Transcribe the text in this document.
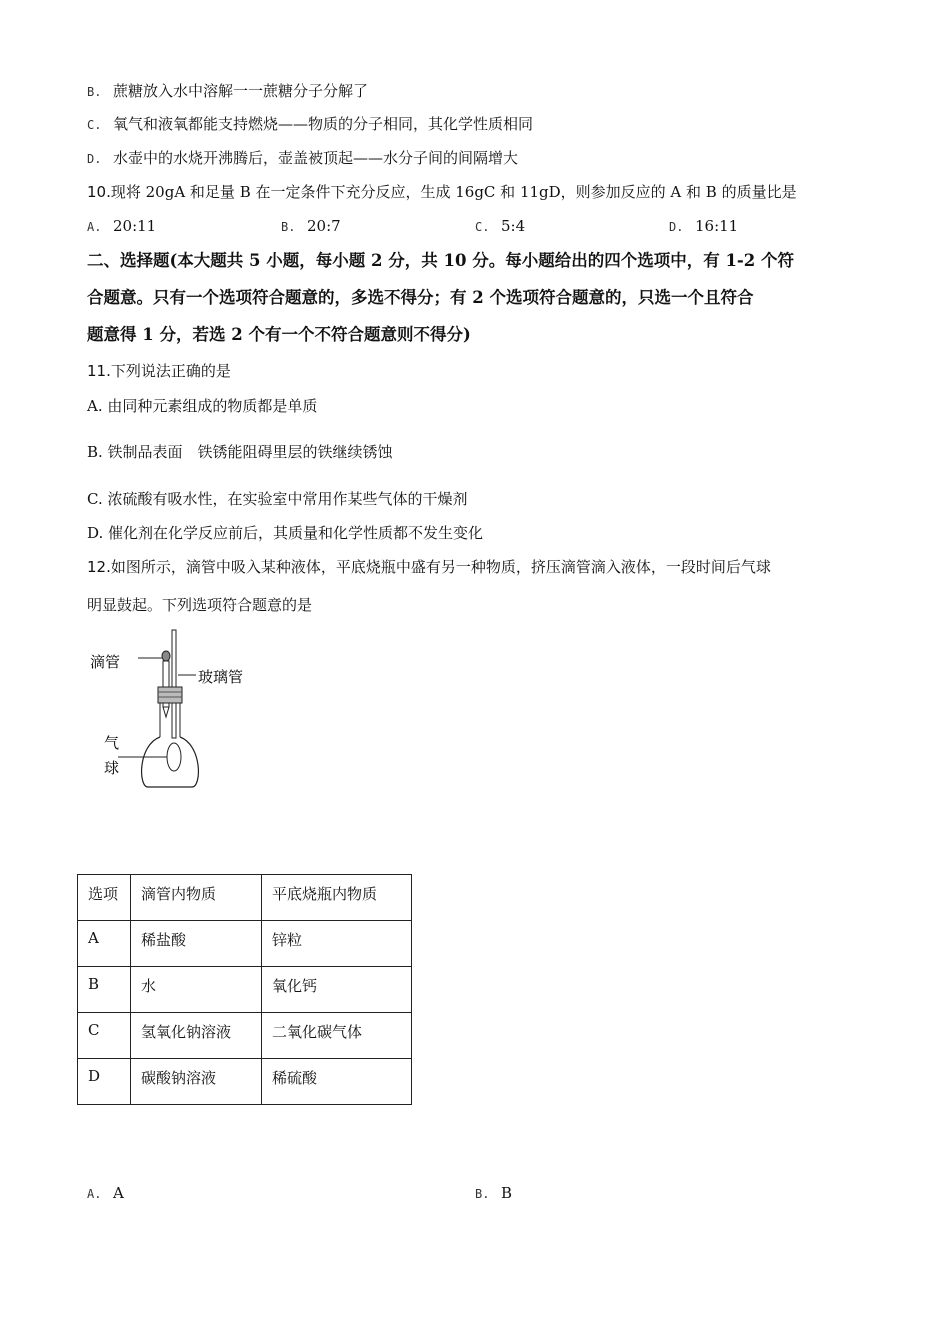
B. 蔗糖放入水中溶解一一蔗糖分子分解了
C. 氧气和液氧都能支持燃烧——物质的分子相同，其化学性质相同
D. 水壶中的水烧开沸腾后，壶盖被顶起——水分子间的间隔增大
10.现将 20gA 和足量 B 在一定条件下充分反应，生成 16gC 和 11gD，则参加反应的 A 和 B 的质量比是
A. 20:11	B. 20:7	C. 5:4	D. 16:11
二、选择题(本大题共 5 小题，每小题 2 分，共 10 分。每小题给出的四个选项中，有 1-2 个符
合题意。只有一个选项符合题意的，多选不得分；有 2 个选项符合题意的，只选一个且符合
题意得 1 分，若选 2 个有一个不符合题意则不得分)
11.下列说法正确的是
A. 由同种元素组成的物质都是单质
B. 铁制品表面　铁锈能阻碍里层的铁继续锈蚀
C. 浓硫酸有吸水性，在实验室中常用作某些气体的干燥剂
D. 催化剂在化学反应前后，其质量和化学性质都不发生变化
12.如图所示，滴管中吸入某种液体，平底烧瓶中盛有另一种物质，挤压滴管滴入液体，一段时间后气球
明显鼓起。下列选项符合题意的是
滴管
玻璃管
气
球
选项	滴管内物质	平底烧瓶内物质
A	稀盐酸	锌粒
B	水	氧化钙
C	氢氧化钠溶液	二氧化碳气体
D	碳酸钠溶液	稀硫酸
A. A	B. B
